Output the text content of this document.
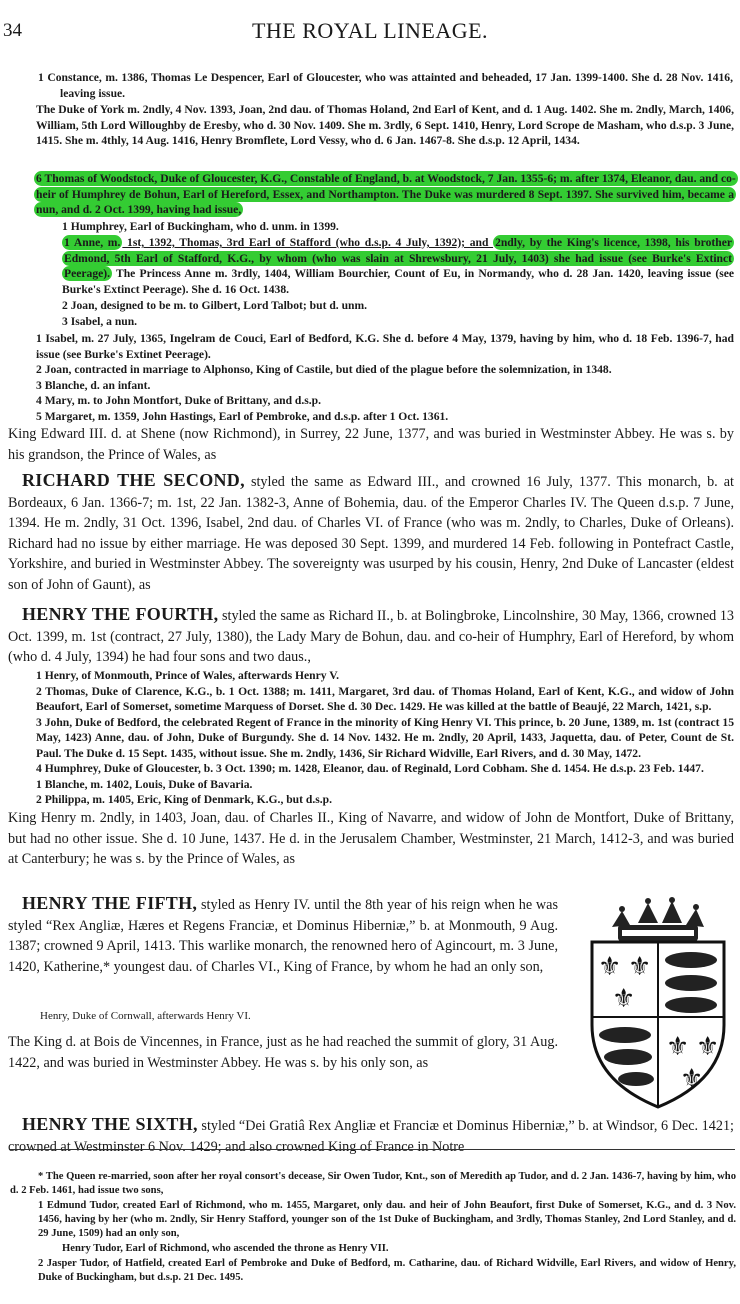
34	THE ROYAL LINEAGE.
1 Constance, m. 1386, Thomas Le Despencer, Earl of Gloucester, who was attainted and beheaded, 17 Jan. 1399-1400. She d. 28 Nov. 1416, leaving issue.
The Duke of York m. 2ndly, 4 Nov. 1393, Joan, 2nd dau. of Thomas Holand, 2nd Earl of Kent, and d. 1 Aug. 1402. She m. 2ndly, March, 1406, William, 5th Lord Willoughby de Eresby, who d. 30 Nov. 1409. She m. 3rdly, 6 Sept. 1410, Henry, Lord Scrope de Masham, who d.s.p. 3 June, 1415. She m. 4thly, 14 Aug. 1416, Henry Bromflete, Lord Vessy, who d. 6 Jan. 1467-8. She d.s.p. 12 April, 1434.
6 Thomas of Woodstock, Duke of Gloucester, K.G., Constable of England, b. at Woodstock, 7 Jan. 1355-6; m. after 1374, Eleanor, dau. and co-heir of Humphrey de Bohun, Earl of Hereford, Essex, and Northampton. The Duke was murdered 8 Sept. 1397. She survived him, became a nun, and d. 2 Oct. 1399, having had issue,
1 Humphrey, Earl of Buckingham, who d. unm. in 1399.
1 Anne, m. 1st, 1392, Thomas, 3rd Earl of Stafford (who d.s.p. 4 July, 1392); and 2ndly, by the King's licence, 1398, his brother Edmond, 5th Earl of Stafford, K.G., by whom (who was slain at Shrewsbury, 21 July, 1403) she had issue (see Burke's Extinct Peerage). The Princess Anne m. 3rdly, 1404, William Bourchier, Count of Eu, in Normandy, who d. 28 Jan. 1420, leaving issue (see Burke's Extinct Peerage). She d. 16 Oct. 1438.
2 Joan, designed to be m. to Gilbert, Lord Talbot; but d. unm.
3 Isabel, a nun.
1 Isabel, m. 27 July, 1365, Ingelram de Couci, Earl of Bedford, K.G. She d. before 4 May, 1379, having by him, who d. 18 Feb. 1396-7, had issue (see Burke's Extinet Peerage).
2 Joan, contracted in marriage to Alphonso, King of Castile, but died of the plague before the solemnization, in 1348.
3 Blanche, d. an infant.
4 Mary, m. to John Montfort, Duke of Brittany, and d.s.p.
5 Margaret, m. 1359, John Hastings, Earl of Pembroke, and d.s.p. after 1 Oct. 1361.
King Edward III. d. at Shene (now Richmond), in Surrey, 22 June, 1377, and was buried in Westminster Abbey. He was s. by his grandson, the Prince of Wales, as
RICHARD THE SECOND, styled the same as Edward III., and crowned 16 July, 1377. This monarch, b. at Bordeaux, 6 Jan. 1366-7; m. 1st, 22 Jan. 1382-3, Anne of Bohemia, dau. of the Emperor Charles IV. The Queen d.s.p. 7 June, 1394. He m. 2ndly, 31 Oct. 1396, Isabel, 2nd dau. of Charles VI. of France (who was m. 2ndly, to Charles, Duke of Orleans). Richard had no issue by either marriage. He was deposed 30 Sept. 1399, and murdered 14 Feb. following in Pontefract Castle, Yorkshire, and buried in Westminster Abbey. The sovereignty was usurped by his cousin, Henry, 2nd Duke of Lancaster (eldest son of John of Gaunt), as
HENRY THE FOURTH, styled the same as Richard II., b. at Bolingbroke, Lincolnshire, 30 May, 1366, crowned 13 Oct. 1399, m. 1st (contract, 27 July, 1380), the Lady Mary de Bohun, dau. and co-heir of Humphry, Earl of Hereford, by whom (who d. 4 July, 1394) he had four sons and two daus.,
1 Henry, of Monmouth, Prince of Wales, afterwards Henry V.
2 Thomas, Duke of Clarence, K.G., b. 1 Oct. 1388; m. 1411, Margaret, 3rd dau. of Thomas Holand, Earl of Kent, K.G., and widow of John Beaufort, Earl of Somerset, sometime Marquess of Dorset. She d. 30 Dec. 1429. He was killed at the battle of Beaujé, 22 March, 1421, s.p.
3 John, Duke of Bedford, the celebrated Regent of France in the minority of King Henry VI. This prince, b. 20 June, 1389, m. 1st (contract 15 May, 1423) Anne, dau. of John, Duke of Burgundy. She d. 14 Nov. 1432. He m. 2ndly, 20 April, 1433, Jaquetta, dau. of Peter, Count de St. Paul. The Duke d. 15 Sept. 1435, without issue. She m. 2ndly, 1436, Sir Richard Widville, Earl Rivers, and d. 30 May, 1472.
4 Humphrey, Duke of Gloucester, b. 3 Oct. 1390; m. 1428, Eleanor, dau. of Reginald, Lord Cobham. She d. 1454. He d.s.p. 23 Feb. 1447.
1 Blanche, m. 1402, Louis, Duke of Bavaria.
2 Philippa, m. 1405, Eric, King of Denmark, K.G., but d.s.p.
King Henry m. 2ndly, in 1403, Joan, dau. of Charles II., King of Navarre, and widow of John de Montfort, Duke of Brittany, but had no other issue. She d. 10 June, 1437. He d. in the Jerusalem Chamber, Westminster, 21 March, 1412-3, and was buried at Canterbury; he was s. by the Prince of Wales, as
HENRY THE FIFTH, styled as Henry IV. until the 8th year of his reign when he was styled “Rex Angliæ, Hæres et Regens Franciæ, et Dominus Hiberniæ,” b. at Monmouth, 9 Aug. 1387; crowned 9 April, 1413. This warlike monarch, the renowned hero of Agincourt, m. 3 June, 1420, Katherine,* youngest dau. of Charles VI., King of France, by whom he had an only son,
Henry, Duke of Cornwall, afterwards Henry VI.
The King d. at Bois de Vincennes, in France, just as he had reached the summit of glory, 31 Aug. 1422, and was buried in Westminster Abbey. He was s. by his only son, as
⚜ ⚜
⚜
⚜ ⚜
⚜
HENRY THE SIXTH, styled “Dei Gratiâ Rex Angliæ et Franciæ et Dominus Hiberniæ,” b. at Windsor, 6 Dec. 1421; crowned at Westminster 6 Nov. 1429; and also crowned King of France in Notre
* The Queen re-married, soon after her royal consort's decease, Sir Owen Tudor, Knt., son of Meredith ap Tudor, and d. 2 Jan. 1436-7, having by him, who d. 2 Feb. 1461, had issue two sons,
1 Edmund Tudor, created Earl of Richmond, who m. 1455, Margaret, only dau. and heir of John Beaufort, first Duke of Somerset, K.G., and d. 3 Nov. 1456, having by her (who m. 2ndly, Sir Henry Stafford, younger son of the 1st Duke of Buckingham, and 3rdly, Thomas Stanley, 2nd Lord Stanley, and d. 29 June, 1509) had an only son,
Henry Tudor, Earl of Richmond, who ascended the throne as Henry VII.
2 Jasper Tudor, of Hatfield, created Earl of Pembroke and Duke of Bedford, m. Catharine, dau. of Richard Widville, Earl Rivers, and widow of Henry, Duke of Buckingham, but d.s.p. 21 Dec. 1495.
